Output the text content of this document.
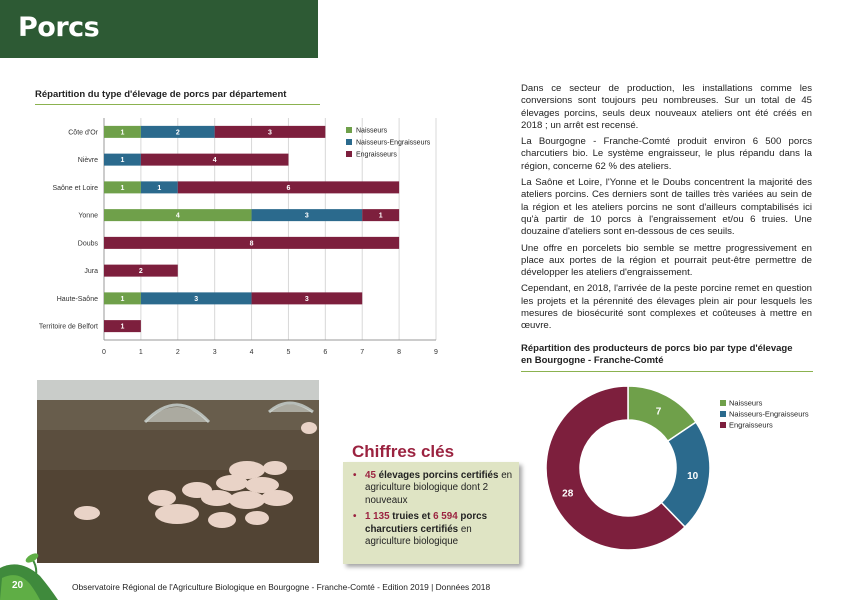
Porcs
Répartition du type d'élevage de porcs par département
0	1	2	3	4	5	6	7	8	9
Côte d'Or	1	2	3
Nièvre	1	4
Saône et Loire	1	1	6
Yonne	4	3	1
Doubs	8
Jura	2
Haute-Saône	1	3	3
Territoire de Belfort	1
Naisseurs
Naisseurs-Engraisseurs
Engraisseurs

Dans ce secteur de production, les installations comme les conversions sont toujours peu nombreuses. Sur un total de 45 élevages porcins, seuls deux nouveaux ateliers ont été créés en 2018 ; un arrêt est recensé.

La Bourgogne - Franche-Comté produit environ 6 500 porcs charcutiers bio. Le système engraisseur, le plus répandu dans la région, concerne 62 % des ateliers.

La Saône et Loire, l'Yonne et le Doubs concentrent la majorité des ateliers porcins. Ces derniers sont de tailles très variées au sein de la région et les ateliers porcins ne sont d'ailleurs comptabilisés ici qu'à partir de 10 porcs à l'engraissement et/ou 6 truies. Une douzaine d'ateliers sont en-dessous de ces seuils.

Une offre en porcelets bio semble se mettre progressivement en place aux portes de la région et pourrait peut-être permettre de développer les ateliers d'engraissement.

Cependant, en 2018, l'arrivée de la peste porcine remet en question les projets et la pérennité des élevages plein air pour lesquels les mesures de biosécurité sont complexes et coûteuses à mettre en œuvre.

Répartition des producteurs de porcs bio par type d'élevage
en Bourgogne - Franche-Comté
7
10
28
Naisseurs
Naisseurs-Engraisseurs
Engraisseurs
Chiffres clés
• 45 élevages porcins certifiés en agriculture biologique dont 2 nouveaux
• 1 135 truies et 6 594 porcs charcutiers certifiés en agriculture biologique
20	Observatoire Régional de l'Agriculture Biologique en Bourgogne - Franche-Comté - Edition 2019 | Données 2018
